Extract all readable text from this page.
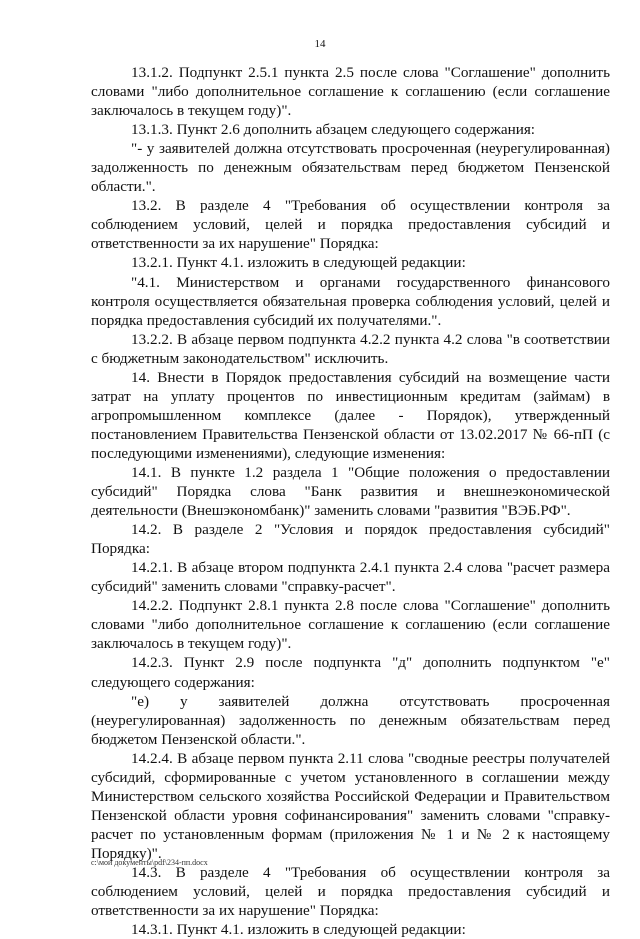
14

13.1.2. Подпункт 2.5.1 пункта 2.5 после слова "Соглашение" дополнить словами "либо дополнительное соглашение к соглашению (если соглашение заключалось в текущем году)".

13.1.3. Пункт 2.6 дополнить абзацем следующего содержания:

"- у заявителей должна отсутствовать просроченная (неурегулированная) задолженность по денежным обязательствам перед бюджетом Пензенской области.".

13.2. В разделе 4 "Требования об осуществлении контроля за соблюдением условий, целей и порядка предоставления субсидий и ответственности за их нарушение" Порядка:

13.2.1. Пункт 4.1. изложить в следующей редакции:

"4.1. Министерством и органами государственного финансового контроля осуществляется обязательная проверка соблюдения условий, целей и порядка предоставления субсидий их получателями.".

13.2.2. В абзаце первом подпункта 4.2.2 пункта 4.2 слова "в соответствии с бюджетным законодательством" исключить.

14. Внести в Порядок предоставления субсидий на возмещение части затрат на уплату процентов по инвестиционным кредитам (займам) в агропромышленном комплексе (далее - Порядок), утвержденный постановлением Правительства Пензенской области от 13.02.2017 № 66-пП (с последующими изменениями), следующие изменения:

14.1. В пункте 1.2 раздела 1 "Общие положения о предоставлении субсидий" Порядка слова "Банк развития и внешнеэкономической деятельности (Внешэкономбанк)" заменить словами "развития "ВЭБ.РФ".

14.2. В разделе 2 "Условия и порядок предоставления субсидий" Порядка:

14.2.1. В абзаце втором подпункта 2.4.1 пункта 2.4 слова "расчет размера субсидий" заменить словами "справку-расчет".

14.2.2. Подпункт 2.8.1 пункта 2.8 после слова "Соглашение" дополнить словами "либо дополнительное соглашение к соглашению (если соглашение заключалось в текущем году)".

14.2.3. Пункт 2.9 после подпункта "д" дополнить подпунктом "е" следующего содержания:

"е) у заявителей должна отсутствовать просроченная (неурегулированная) задолженность по денежным обязательствам перед бюджетом Пензенской области.".

14.2.4. В абзаце первом пункта 2.11 слова "сводные реестры получателей субсидий, сформированные с учетом установленного в соглашении между Министерством сельского хозяйства Российской Федерации и Правительством Пензенской области уровня софинансирования" заменить словами "справку-расчет по установленным формам (приложения № 1 и № 2 к настоящему Порядку)".

14.3. В разделе 4 "Требования об осуществлении контроля за соблюдением условий, целей и порядка предоставления субсидий и ответственности за их нарушение" Порядка:

14.3.1. Пункт 4.1. изложить в следующей редакции:

c:\мои документы\pdf\234-пп.docx
